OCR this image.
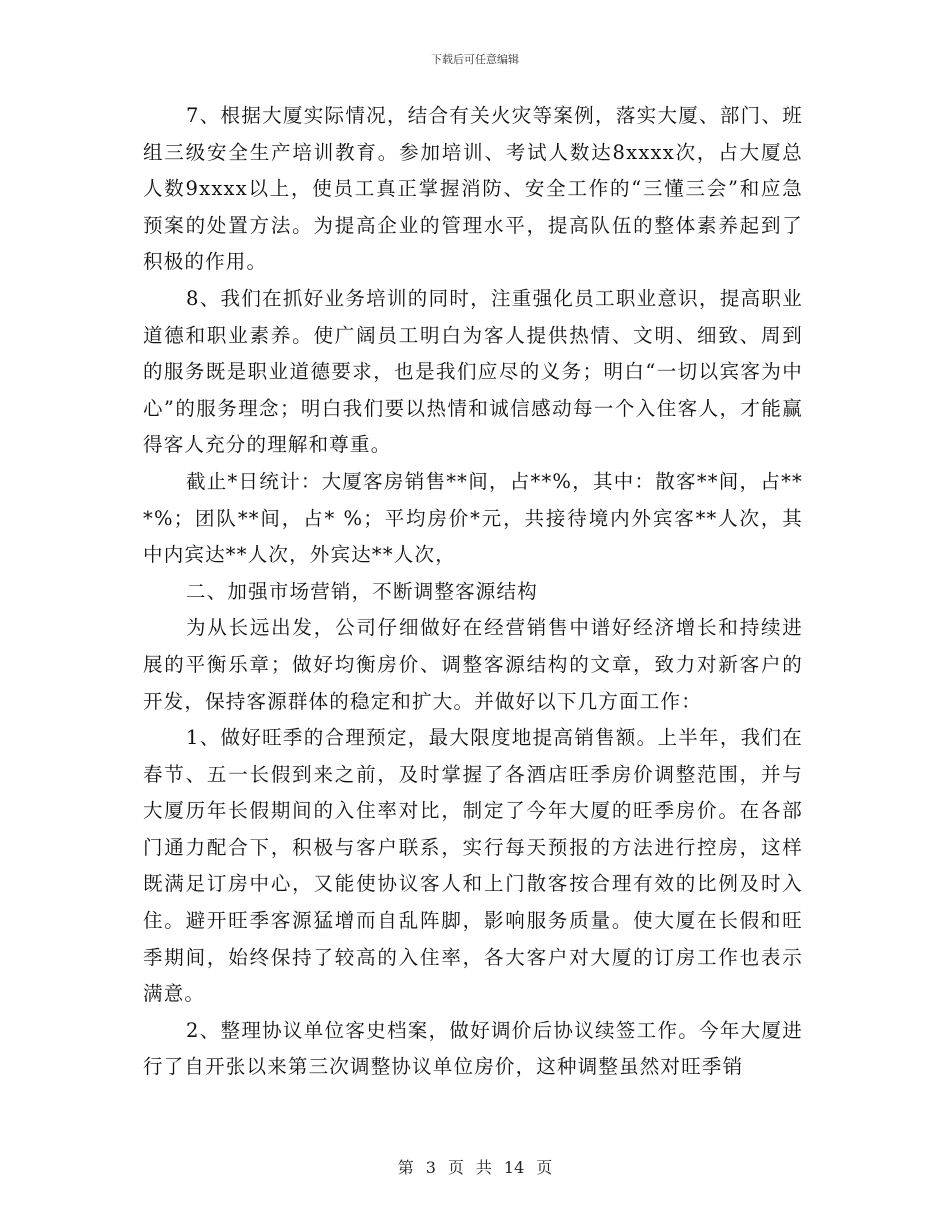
下载后可任意编辑

7、根据大厦实际情况，结合有关火灾等案例，落实大厦、部门、班组三级安全生产培训教育。参加培训、考试人数达8xxxx次，占大厦总人数9xxxx以上，使员工真正掌握消防、安全工作的“三懂三会”和应急预案的处置方法。为提高企业的管理水平，提高队伍的整体素养起到了积极的作用。

8、我们在抓好业务培训的同时，注重强化员工职业意识，提高职业道德和职业素养。使广阔员工明白为客人提供热情、文明、细致、周到的服务既是职业道德要求，也是我们应尽的义务；明白“一切以宾客为中心”的服务理念；明白我们要以热情和诚信感动每一个入住客人，才能赢得客人充分的理解和尊重。

截止*日统计：大厦客房销售**间，占**%，其中：散客**间，占***%；团队**间，占* %；平均房价*元，共接待境内外宾客**人次，其中内宾达**人次，外宾达**人次，

二、加强市场营销，不断调整客源结构

为从长远出发，公司仔细做好在经营销售中谱好经济增长和持续进展的平衡乐章；做好均衡房价、调整客源结构的文章，致力对新客户的开发，保持客源群体的稳定和扩大。并做好以下几方面工作：

1、做好旺季的合理预定，最大限度地提高销售额。上半年，我们在春节、五一长假到来之前，及时掌握了各酒店旺季房价调整范围，并与大厦历年长假期间的入住率对比，制定了今年大厦的旺季房价。在各部门通力配合下，积极与客户联系，实行每天预报的方法进行控房，这样既满足订房中心，又能使协议客人和上门散客按合理有效的比例及时入住。避开旺季客源猛增而自乱阵脚，影响服务质量。使大厦在长假和旺季期间，始终保持了较高的入住率，各大客户对大厦的订房工作也表示满意。

2、整理协议单位客史档案，做好调价后协议续签工作。今年大厦进行了自开张以来第三次调整协议单位房价，这种调整虽然对旺季销

第 3 页 共 14 页
